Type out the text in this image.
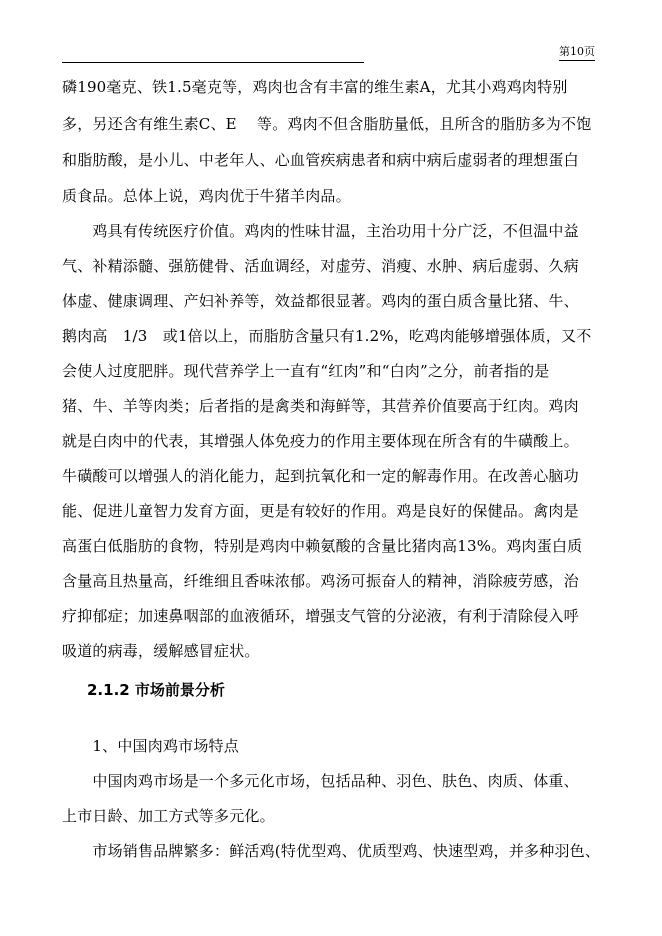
第10页
磷190毫克、铁1.5毫克等，鸡肉也含有丰富的维生素A，尤其小鸡鸡肉特别
多，另还含有维生素C、E　 等。鸡肉不但含脂肪量低，且所含的脂肪多为不饱
和脂肪酸，是小儿、中老年人、心血管疾病患者和病中病后虚弱者的理想蛋白
质食品。总体上说，鸡肉优于牛猪羊肉品。
　　鸡具有传统医疗价值。鸡肉的性味甘温，主治功用十分广泛，不但温中益
气、补精添髓、强筋健骨、活血调经，对虚劳、消瘦、水肿、病后虚弱、久病
体虚、健康调理、产妇补养等，效益都很显著。鸡肉的蛋白质含量比猪、牛、
鹅肉高　1/3　或1倍以上，而脂肪含量只有1.2%，吃鸡肉能够增强体质，又不
会使人过度肥胖。现代营养学上一直有“红肉”和“白肉”之分，前者指的是
猪、牛、羊等肉类；后者指的是禽类和海鲜等，其营养价值要高于红肉。鸡肉
就是白肉中的代表，其增强人体免疫力的作用主要体现在所含有的牛磺酸上。
牛磺酸可以增强人的消化能力，起到抗氧化和一定的解毒作用。在改善心脑功
能、促进儿童智力发育方面，更是有较好的作用。鸡是良好的保健品。禽肉是
高蛋白低脂肪的食物，特别是鸡肉中赖氨酸的含量比猪肉高13%。鸡肉蛋白质
含量高且热量高，纤维细且香味浓郁。鸡汤可振奋人的精神，消除疲劳感，治
疗抑郁症；加速鼻咽部的血液循环，增强支气管的分泌液，有利于清除侵入呼
吸道的病毒，缓解感冒症状。
2.1.2 市场前景分析
　　1、中国肉鸡市场特点
　　中国肉鸡市场是一个多元化市场，包括品种、羽色、肤色、肉质、体重、
上市日龄、加工方式等多元化。
　　市场销售品牌繁多：鲜活鸡(特优型鸡、优质型鸡、快速型鸡，并多种羽色、
